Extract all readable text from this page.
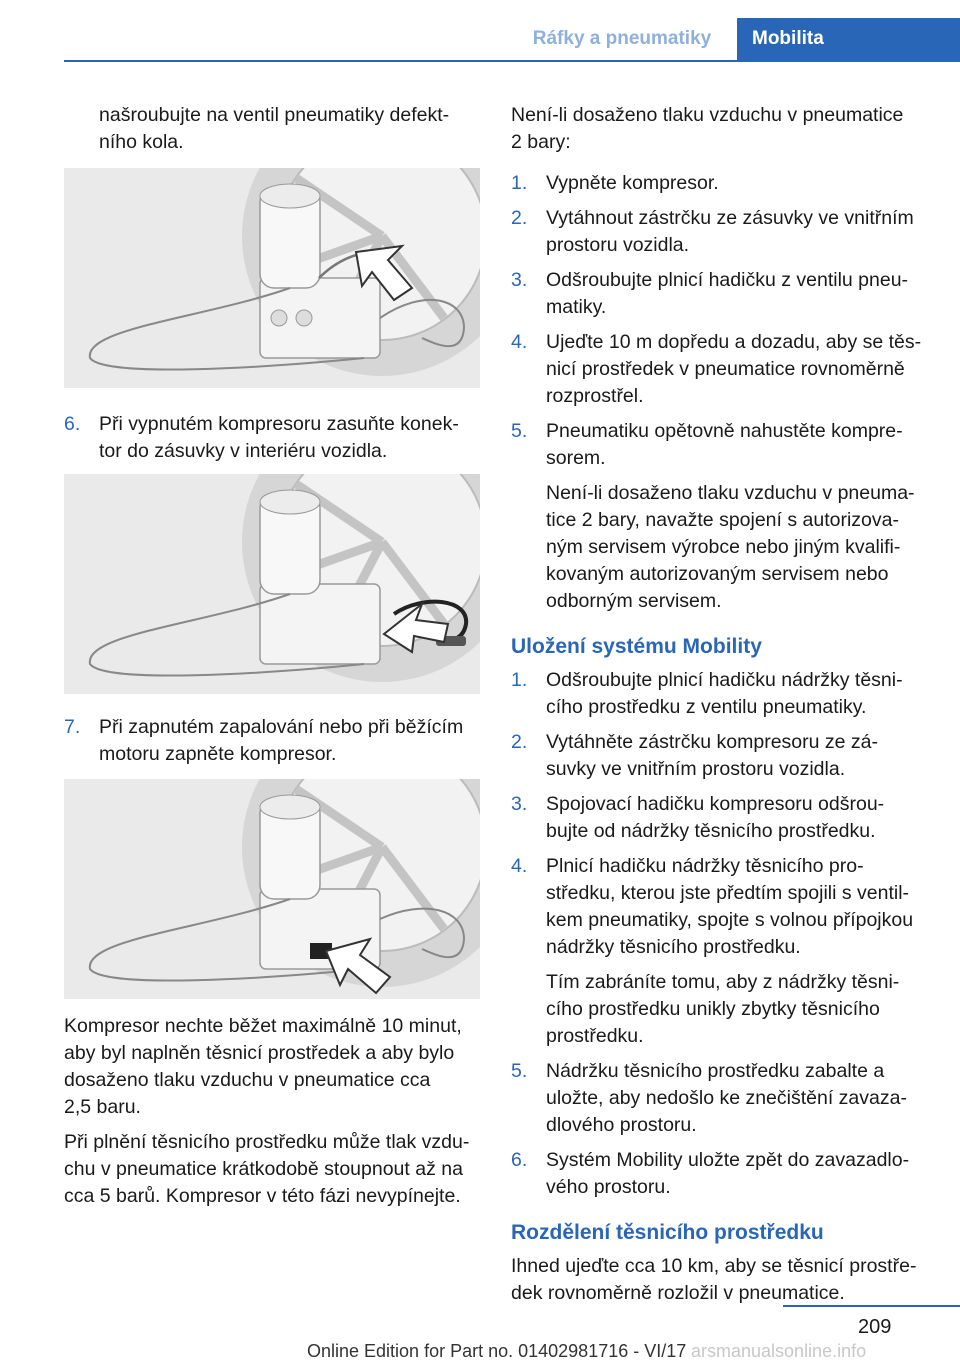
Ráfky a pneumatiky	Mobilita
našroubujte na ventil pneumatiky defekt-
ního kola.
6. Při vypnutém kompresoru zasuňte konek-
tor do zásuvky v interiéru vozidla.
7. Při zapnutém zapalování nebo při běžícím
motoru zapněte kompresor.
Kompresor nechte běžet maximálně 10 minut,
aby byl naplněn těsnicí prostředek a aby bylo
dosaženo tlaku vzduchu v pneumatice cca
2,5 baru.
Při plnění těsnicího prostředku může tlak vzdu-
chu v pneumatice krátkodobě stoupnout až na
cca 5 barů. Kompresor v této fázi nevypínejte.
Není-li dosaženo tlaku vzduchu v pneumatice
2 bary:
1. Vypněte kompresor.
2. Vytáhnout zástrčku ze zásuvky ve vnitřním
prostoru vozidla.
3. Odšroubujte plnicí hadičku z ventilu pneu-
matiky.
4. Ujeďte 10 m dopředu a dozadu, aby se těs-
nicí prostředek v pneumatice rovnoměrně
rozprostřel.
5. Pneumatiku opětovně nahustěte kompre-
sorem.
Není-li dosaženo tlaku vzduchu v pneuma-
tice 2 bary, navažte spojení s autorizova-
ným servisem výrobce nebo jiným kvalifi-
kovaným autorizovaným servisem nebo
odborným servisem.
Uložení systému Mobility
1. Odšroubujte plnicí hadičku nádržky těsni-
cího prostředku z ventilu pneumatiky.
2. Vytáhněte zástrčku kompresoru ze zá-
suvky ve vnitřním prostoru vozidla.
3. Spojovací hadičku kompresoru odšrou-
bujte od nádržky těsnicího prostředku.
4. Plnicí hadičku nádržky těsnicího pro-
středku, kterou jste předtím spojili s ventil-
kem pneumatiky, spojte s volnou přípojkou
nádržky těsnicího prostředku.
Tím zabráníte tomu, aby z nádržky těsni-
cího prostředku unikly zbytky těsnicího
prostředku.
5. Nádržku těsnicího prostředku zabalte a
uložte, aby nedošlo ke znečištění zavaza-
dlového prostoru.
6. Systém Mobility uložte zpět do zavazadlo-
vého prostoru.
Rozdělení těsnicího prostředku
Ihned ujeďte cca 10 km, aby se těsnicí prostře-
dek rovnoměrně rozložil v pneumatice.
209
Online Edition for Part no. 01402981716 - VI/17 arsmanualsonline.info
